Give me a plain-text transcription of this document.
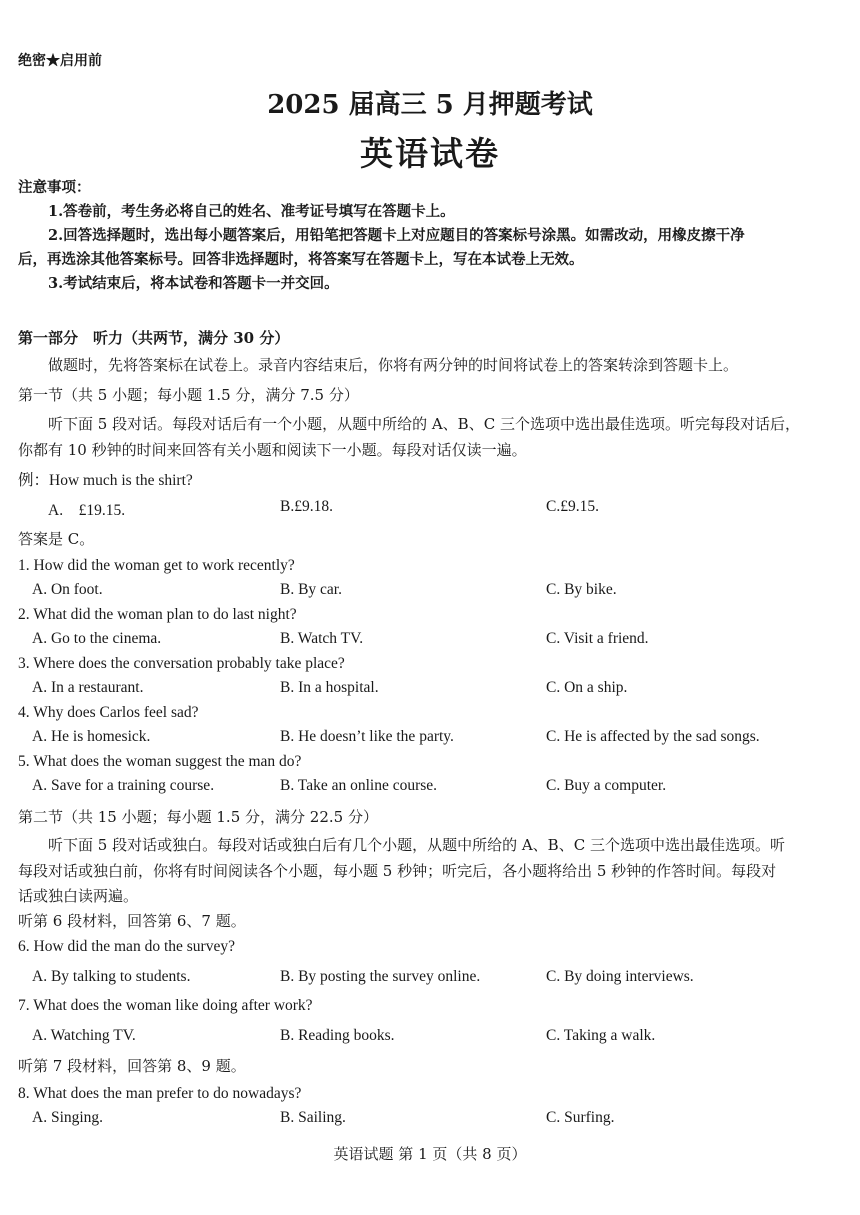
绝密★启用前
2025 届高三 5 月押题考试
英语试卷
注意事项：
1.答卷前，考生务必将自己的姓名、准考证号填写在答题卡上。
2.回答选择题时，选出每小题答案后，用铅笔把答题卡上对应题目的答案标号涂黑。如需改动，用橡皮擦干净
后，再选涂其他答案标号。回答非选择题时，将答案写在答题卡上，写在本试卷上无效。
3.考试结束后，将本试卷和答题卡一并交回。
第一部分　听力（共两节，满分 30 分）
做题时，先将答案标在试卷上。录音内容结束后，你将有两分钟的时间将试卷上的答案转涂到答题卡上。
第一节（共 5 小题；每小题 1.5 分，满分 7.5 分）
听下面 5 段对话。每段对话后有一个小题，从题中所给的 A、B、C 三个选项中选出最佳选项。听完每段对话后，
你都有 10 秒钟的时间来回答有关小题和阅读下一小题。每段对话仅读一遍。
例：How much is the shirt?
A.　£19.15.	B.£9.18.	C.£9.15.
答案是 C。
1. How did the woman get to work recently?
A. On foot.	B. By car.	C. By bike.
2. What did the woman plan to do last night?
A. Go to the cinema.	B. Watch TV.	C. Visit a friend.
3. Where does the conversation probably take place?
A. In a restaurant.	B. In a hospital.	C. On a ship.
4. Why does Carlos feel sad?
A. He is homesick.	B. He doesn’t like the party.	C. He is affected by the sad songs.
5. What does the woman suggest the man do?
A. Save for a training course.	B. Take an online course.	C. Buy a computer.
第二节（共 15 小题；每小题 1.5 分，满分 22.5 分）
听下面 5 段对话或独白。每段对话或独白后有几个小题，从题中所给的 A、B、C 三个选项中选出最佳选项。听
每段对话或独白前，你将有时间阅读各个小题，每小题 5 秒钟；听完后，各小题将给出 5 秒钟的作答时间。每段对
话或独白读两遍。
听第 6 段材料，回答第 6、7 题。
6. How did the man do the survey?
A. By talking to students.	B. By posting the survey online.	C. By doing interviews.
7. What does the woman like doing after work?
A. Watching TV.	B. Reading books.	C. Taking a walk.
听第 7 段材料，回答第 8、9 题。
8. What does the man prefer to do nowadays?
A. Singing.	B. Sailing.	C. Surfing.
英语试题 第 1 页（共 8 页）
